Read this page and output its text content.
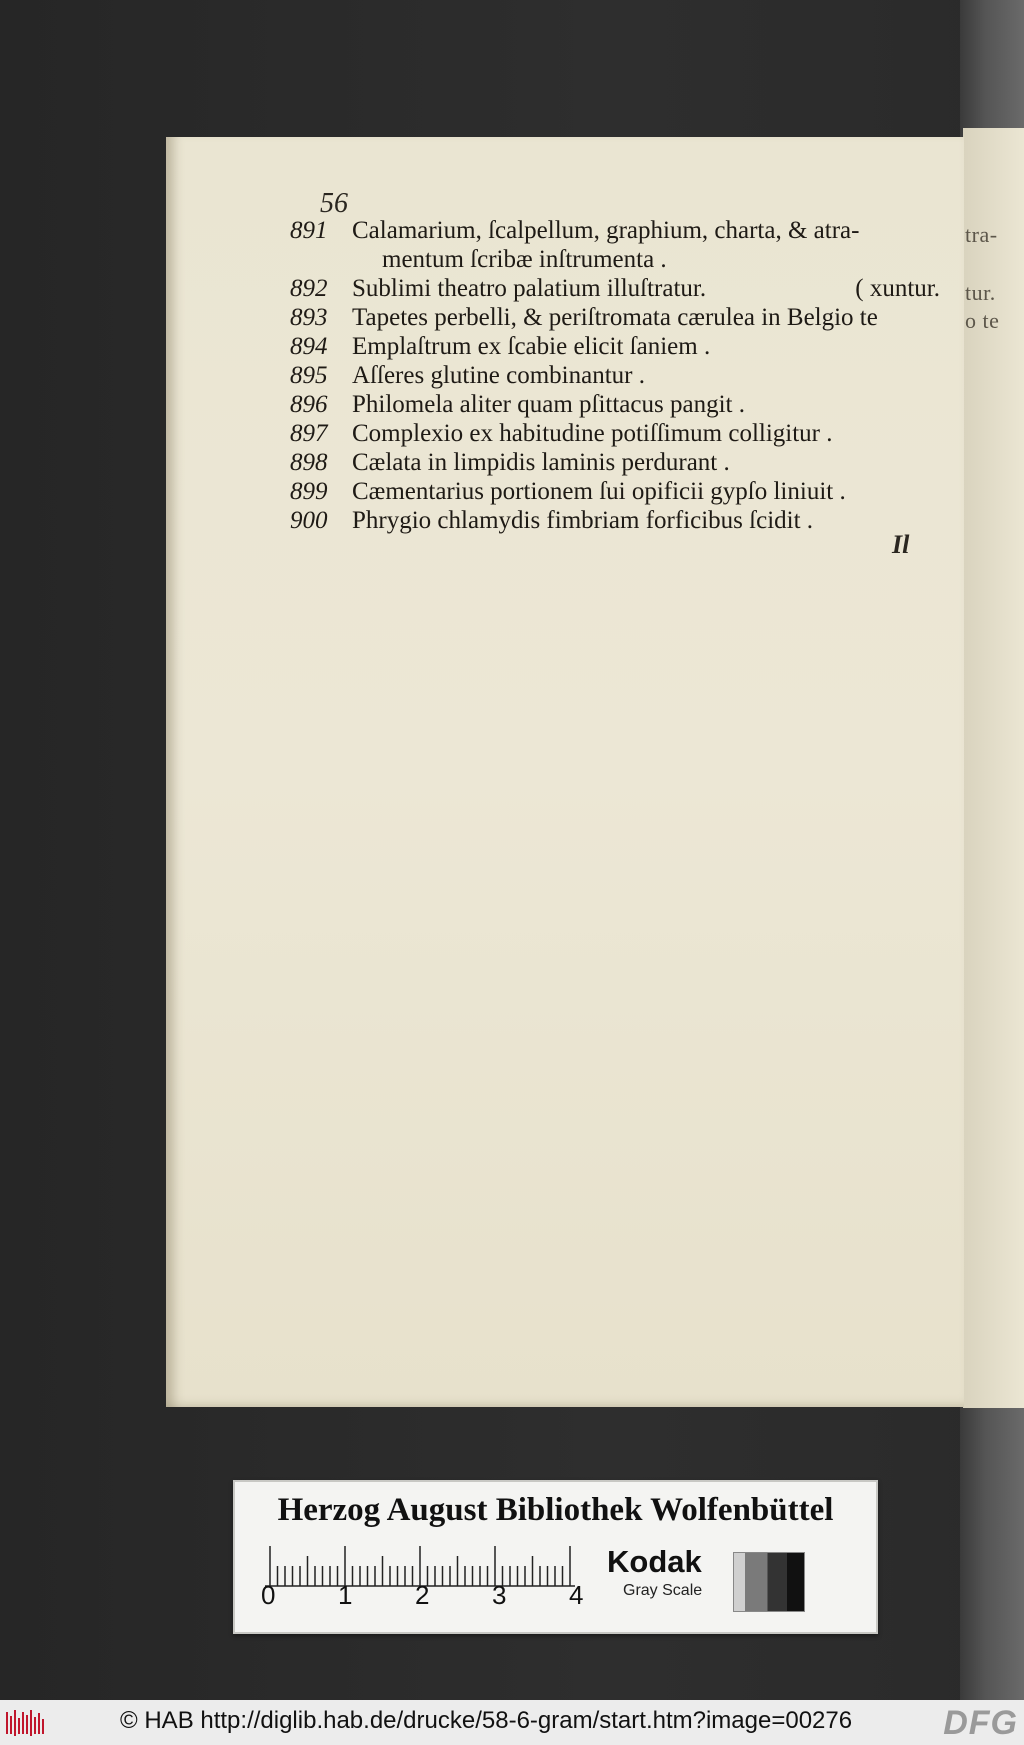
tra-
tur.
o te
56
891 Calamarium, ſcalpellum, graphium, charta, & atra-
mentum ſcribæ inſtrumenta .
892 Sublimi theatro palatium illuſtratur.	( xuntur.
893 Tapetes perbelli, & periſtromata cærulea in Belgio te
894 Emplaſtrum ex ſcabie elicit ſaniem .
895 Aſſeres glutine combinantur .
896 Philomela aliter quam pſittacus pangit .
897 Complexio ex habitudine potiſſimum colligitur .
898 Cælata in limpidis laminis perdurant .
899 Cæmentarius portionem ſui opificii gypſo liniuit .
900 Phrygio chlamydis fimbriam forficibus ſcidit .
Il
Herzog August Bibliothek Wolfenbüttel
0 1 2 3 4
Kodak
Gray Scale
© HAB http://diglib.hab.de/drucke/58-6-gram/start.htm?image=00276	DFG
